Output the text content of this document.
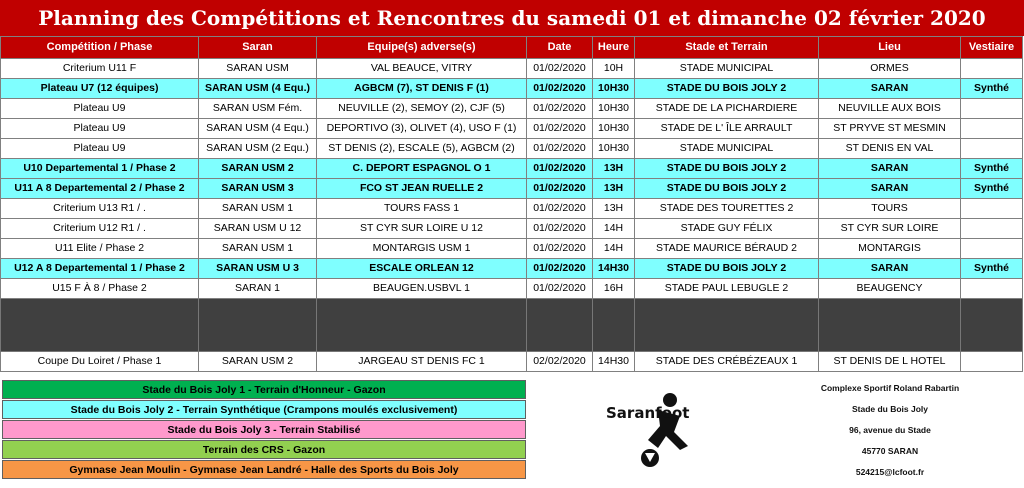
Planning des Compétitions et Rencontres du samedi 01 et dimanche 02 février 2020
Compétition / Phase	Saran	Equipe(s) adverse(s)	Date	Heure	Stade et Terrain	Lieu	Vestiaire
Criterium U11 F	SARAN USM	VAL BEAUCE, VITRY	01/02/2020	10H	STADE MUNICIPAL	ORMES	
Plateau U7 (12 équipes)	SARAN USM (4 Equ.)	AGBCM (7), ST DENIS F (1)	01/02/2020	10H30	STADE DU BOIS JOLY 2	SARAN	Synthé
Plateau U9	SARAN USM Fém.	NEUVILLE (2), SEMOY (2), CJF (5)	01/02/2020	10H30	STADE DE LA PICHARDIERE	NEUVILLE AUX BOIS	
Plateau U9	SARAN USM (4 Equ.)	DEPORTIVO (3), OLIVET (4), USO F (1)	01/02/2020	10H30	STADE DE L' ÎLE ARRAULT	ST PRYVE ST MESMIN	
Plateau U9	SARAN USM (2 Equ.)	ST DENIS (2), ESCALE (5), AGBCM (2)	01/02/2020	10H30	STADE MUNICIPAL	ST DENIS EN VAL	
U10 Departemental 1 / Phase 2	SARAN USM 2	C. DEPORT ESPAGNOL O 1	01/02/2020	13H	STADE DU BOIS JOLY 2	SARAN	Synthé
U11 A 8 Departemental 2 / Phase 2	SARAN USM 3	FCO ST JEAN RUELLE 2	01/02/2020	13H	STADE DU BOIS JOLY 2	SARAN	Synthé
Criterium U13 R1 / .	SARAN USM 1	TOURS FASS 1	01/02/2020	13H	STADE DES TOURETTES 2	TOURS	
Criterium U12 R1 / .	SARAN USM U 12	ST CYR SUR LOIRE U 12	01/02/2020	14H	STADE GUY FÉLIX	ST CYR SUR LOIRE	
U11 Elite / Phase 2	SARAN USM 1	MONTARGIS USM 1	01/02/2020	14H	STADE MAURICE BÉRAUD 2	MONTARGIS	
U12 A 8 Departemental 1 / Phase 2	SARAN USM U 3	ESCALE ORLEAN 12	01/02/2020	14H30	STADE DU BOIS JOLY 2	SARAN	Synthé
U15 F À 8 / Phase 2	SARAN 1	BEAUGEN.USBVL 1	01/02/2020	16H	STADE PAUL LEBUGLE 2	BEAUGENCY	

Coupe Du Loiret / Phase 1	SARAN USM 2	JARGEAU ST DENIS FC 1	02/02/2020	14H30	STADE DES CRÉBÉZEAUX 1	ST DENIS DE L HOTEL	
Stade du Bois Joly 1 - Terrain d'Honneur - Gazon
Stade du Bois Joly 2 - Terrain Synthétique (Crampons moulés exclusivement)
Stade du Bois Joly 3 - Terrain Stabilisé
Terrain des CRS - Gazon
Gymnase Jean Moulin - Gymnase Jean Landré - Halle des Sports du Bois Joly
Saranfoot
Complexe Sportif Roland Rabartin
Stade du Bois Joly
96, avenue du Stade
45770 SARAN
524215@lcfoot.fr
